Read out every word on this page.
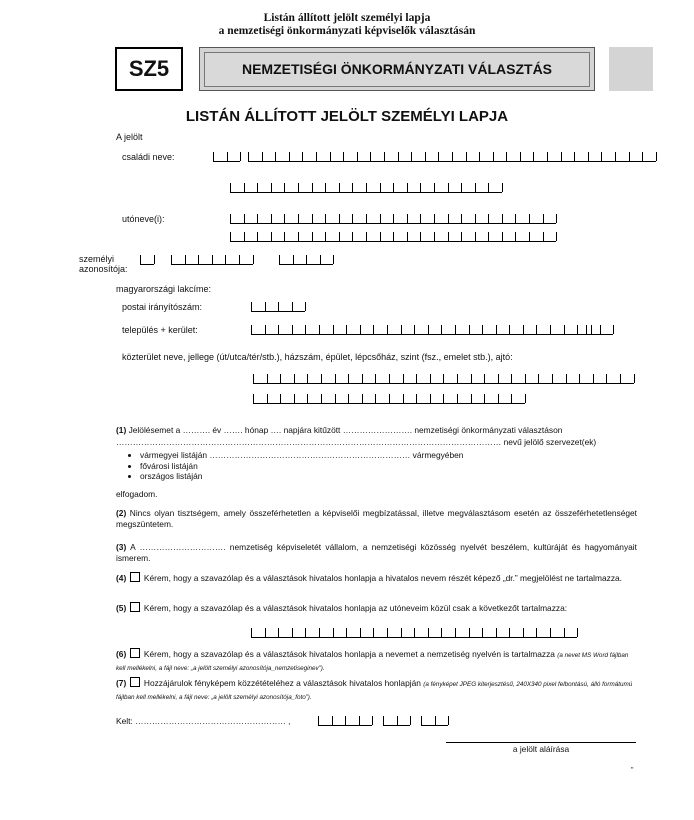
Listán állított jelölt személyi lapja
a nemzetiségi önkormányzati képviselők választásán
SZ5	NEMZETISÉGI ÖNKORMÁNYZATI VÁLASZTÁS
LISTÁN ÁLLÍTOTT JELÖLT SZEMÉLYI LAPJA
A jelölt
családi neve:
utóneve(i):
személyi
azonosítója:
magyarországi lakcíme:
postai irányítószám:
település + kerület:
közterület neve, jellege (út/utca/tér/stb.), házszám, épület, lépcsőház, szint (fsz., emelet stb.), ajtó:
(1) Jelölésemet a ………. év ……. hónap …. napjára kitűzött ……………………. nemzetiségi önkormányzati választáson
………………………………………………………………………………………………………………………… nevű jelölő szervezet(ek)
• vármegyei listáján ……………………………………………………………… vármegyében
• fővárosi listáján
• országos listáján
elfogadom.
(2) Nincs olyan tisztségem, amely összeférhetetlen a képviselői megbízatással, illetve megválasztásom esetén az összeférhetetlenséget megszüntetem.
(3) A …………………………. nemzetiség képviseletét vállalom, a nemzetiségi közösség nyelvét beszélem, kultúráját és hagyományait ismerem.
(4) Kérem, hogy a szavazólap és a választások hivatalos honlapja a hivatalos nevem részét képező „dr.” megjelölést ne tartalmazza.
(5) Kérem, hogy a szavazólap és a választások hivatalos honlapja az utóneveim közül csak a következőt tartalmazza:
(6) Kérem, hogy a szavazólap és a választások hivatalos honlapja a nevemet a nemzetiség nyelvén is tartalmazza (a nevet MS Word fájlban kell mellékelni, a fájl neve: „a jelölt személyi azonosítója_nemzetiseginev”).
(7) Hozzájárulok fényképem közzétételéhez a választások hivatalos honlapján (a fényképet JPEG kiterjesztésű, 240X340 pixel felbontású, álló formátumú fájlban kell mellékelni, a fájl neve: „a jelölt személyi azonosítója_foto”).
Kelt: ……………………………………………… ,
a jelölt aláírása
"
